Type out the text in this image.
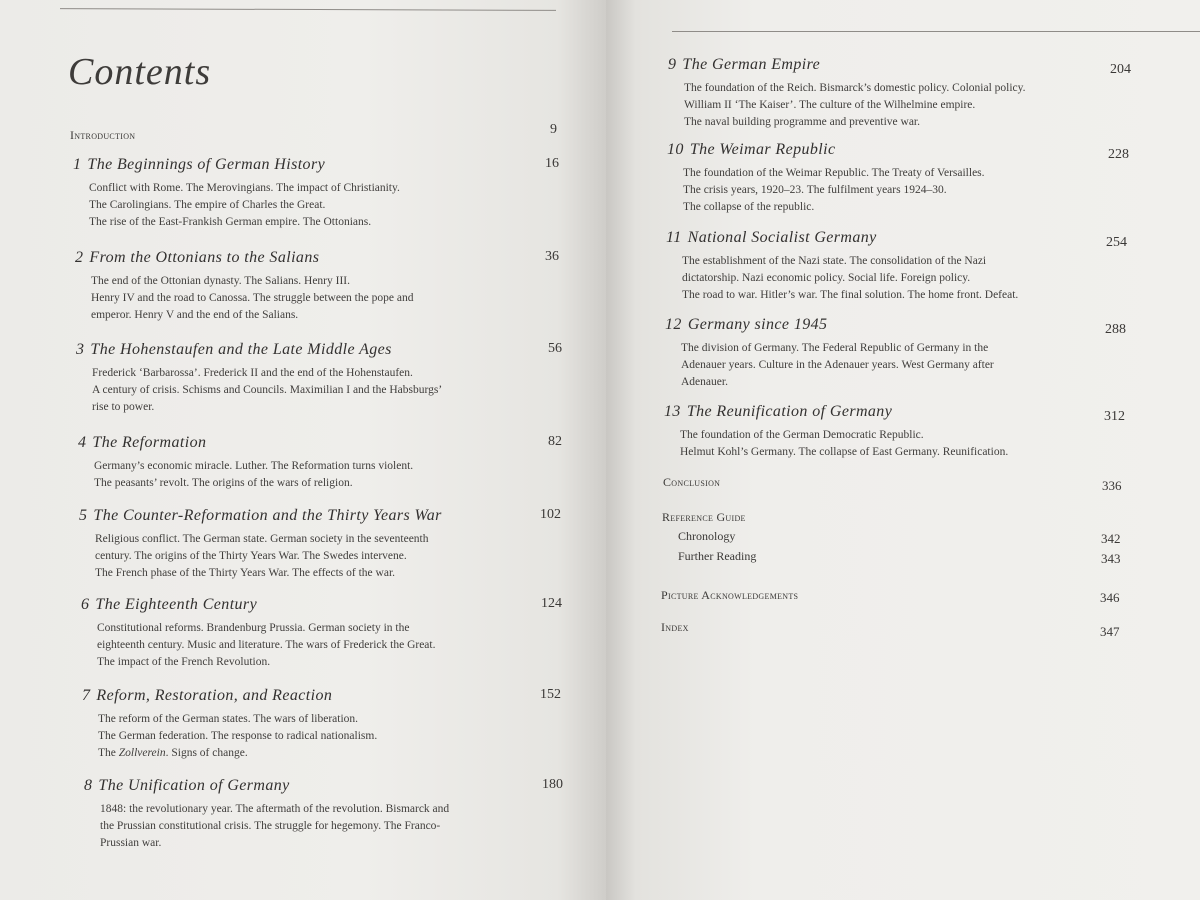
Contents
Introduction	9
1 The Beginnings of German History	16
Conflict with Rome. The Merovingians. The impact of Christianity.
The Carolingians. The empire of Charles the Great.
The rise of the East-Frankish German empire. The Ottonians.
2 From the Ottonians to the Salians	36
The end of the Ottonian dynasty. The Salians. Henry III.
Henry IV and the road to Canossa. The struggle between the pope and
emperor. Henry V and the end of the Salians.
3 The Hohenstaufen and the Late Middle Ages	56
Frederick ‘Barbarossa’. Frederick II and the end of the Hohenstaufen.
A century of crisis. Schisms and Councils. Maximilian I and the Habsburgs’
rise to power.
4 The Reformation	82
Germany’s economic miracle. Luther. The Reformation turns violent.
The peasants’ revolt. The origins of the wars of religion.
5 The Counter-Reformation and the Thirty Years War	102
Religious conflict. The German state. German society in the seventeenth
century. The origins of the Thirty Years War. The Swedes intervene.
The French phase of the Thirty Years War. The effects of the war.
6 The Eighteenth Century	124
Constitutional reforms. Brandenburg Prussia. German society in the
eighteenth century. Music and literature. The wars of Frederick the Great.
The impact of the French Revolution.
7 Reform, Restoration, and Reaction	152
The reform of the German states. The wars of liberation.
The German federation. The response to radical nationalism.
The Zollverein. Signs of change.
8 The Unification of Germany	180
1848: the revolutionary year. The aftermath of the revolution. Bismarck and
the Prussian constitutional crisis. The struggle for hegemony. The Franco-
Prussian war.
9 The German Empire	204
The foundation of the Reich. Bismarck’s domestic policy. Colonial policy.
William II ‘The Kaiser’. The culture of the Wilhelmine empire.
The naval building programme and preventive war.
10 The Weimar Republic	228
The foundation of the Weimar Republic. The Treaty of Versailles.
The crisis years, 1920–23. The fulfilment years 1924–30.
The collapse of the republic.
11 National Socialist Germany	254
The establishment of the Nazi state. The consolidation of the Nazi
dictatorship. Nazi economic policy. Social life. Foreign policy.
The road to war. Hitler’s war. The final solution. The home front. Defeat.
12 Germany since 1945	288
The division of Germany. The Federal Republic of Germany in the
Adenauer years. Culture in the Adenauer years. West Germany after
Adenauer.
13 The Reunification of Germany	312
The foundation of the German Democratic Republic.
Helmut Kohl’s Germany. The collapse of East Germany. Reunification.
Conclusion	336
Reference Guide
Chronology	342
Further Reading	343
Picture Acknowledgements	346
Index	347
